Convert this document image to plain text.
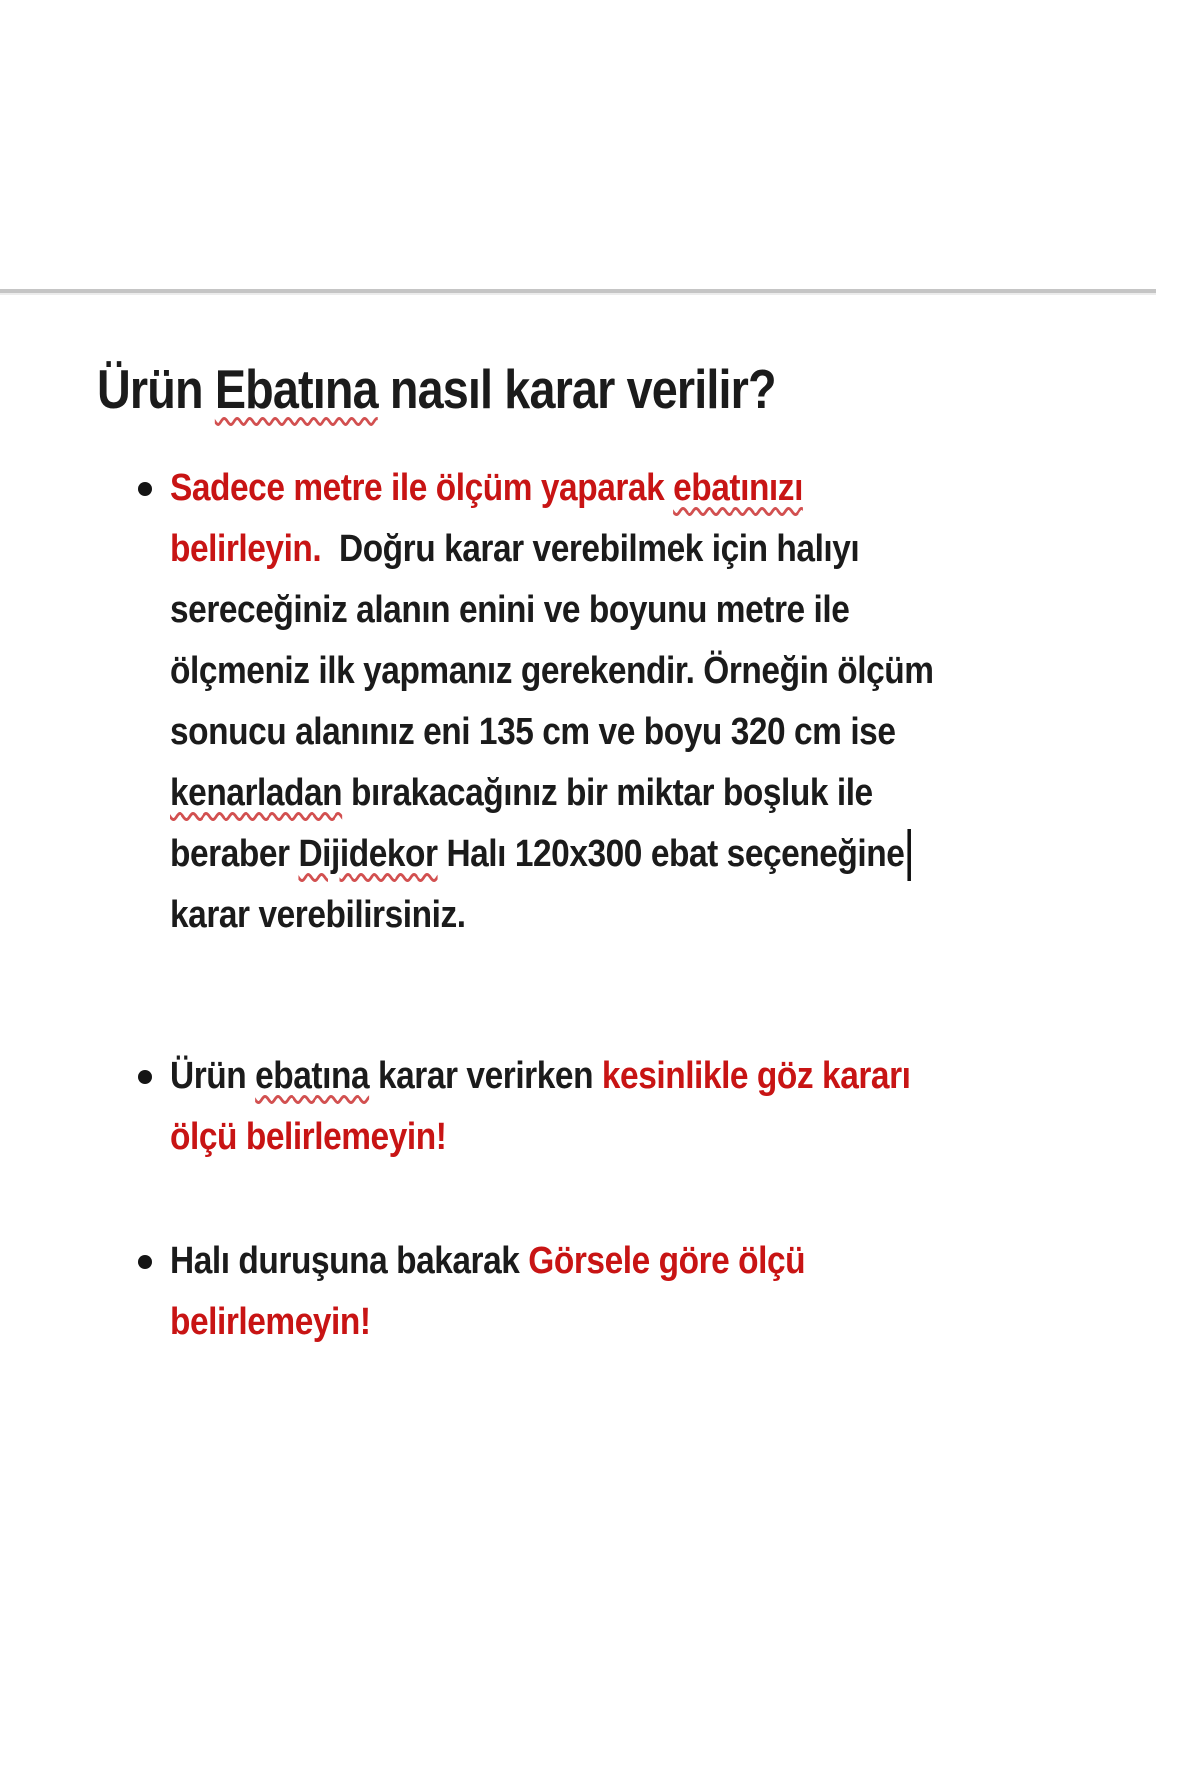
Ürün Ebatına nasıl karar verilir?
Sadece metre ile ölçüm yaparak ebatınızı
belirleyin. Doğru karar verebilmek için halıyı
sereceğiniz alanın enini ve boyunu metre ile
ölçmeniz ilk yapmanız gerekendir. Örneğin ölçüm
sonucu alanınız eni 135 cm ve boyu 320 cm ise
kenarladan bırakacağınız bir miktar boşluk ile
beraber Dijidekor Halı 120x300 ebat seçeneğine
karar verebilirsiniz.
Ürün ebatına karar verirken kesinlikle göz kararı
ölçü belirlemeyin!
Halı duruşuna bakarak Görsele göre ölçü
belirlemeyin!
